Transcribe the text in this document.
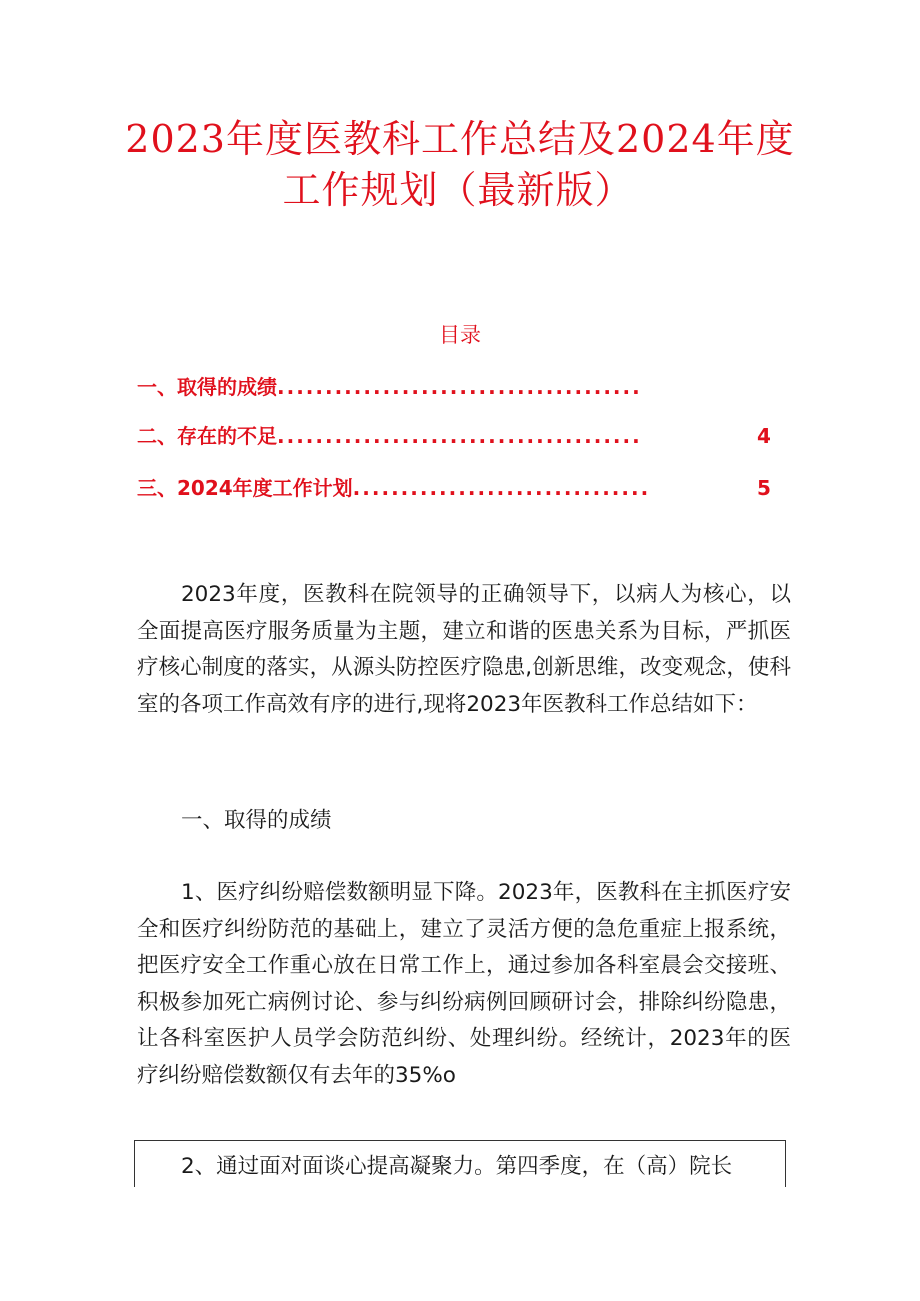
2023年度医教科工作总结及2024年度
工作规划（最新版）
目录
一、取得的成绩......................................
二、存在的不足......................................	4
三、2024年度工作计划...............................	5

2023年度，医教科在院领导的正确领导下，以病人为核心，以全面提高医疗服务质量为主题，建立和谐的医患关系为目标，严抓医疗核心制度的落实，从源头防控医疗隐患,创新思维，改变观念，使科室的各项工作高效有序的进行,现将2023年医教科工作总结如下：

一、取得的成绩

1、医疗纠纷赔偿数额明显下降。2023年，医教科在主抓医疗安全和医疗纠纷防范的基础上，建立了灵活方便的急危重症上报系统，把医疗安全工作重心放在日常工作上，通过参加各科室晨会交接班、积极参加死亡病例讨论、参与纠纷病例回顾研讨会，排除纠纷隐患，让各科室医护人员学会防范纠纷、处理纠纷。经统计，2023年的医疗纠纷赔偿数额仅有去年的35%o

2、通过面对面谈心提高凝聚力。第四季度，在（高）院长
